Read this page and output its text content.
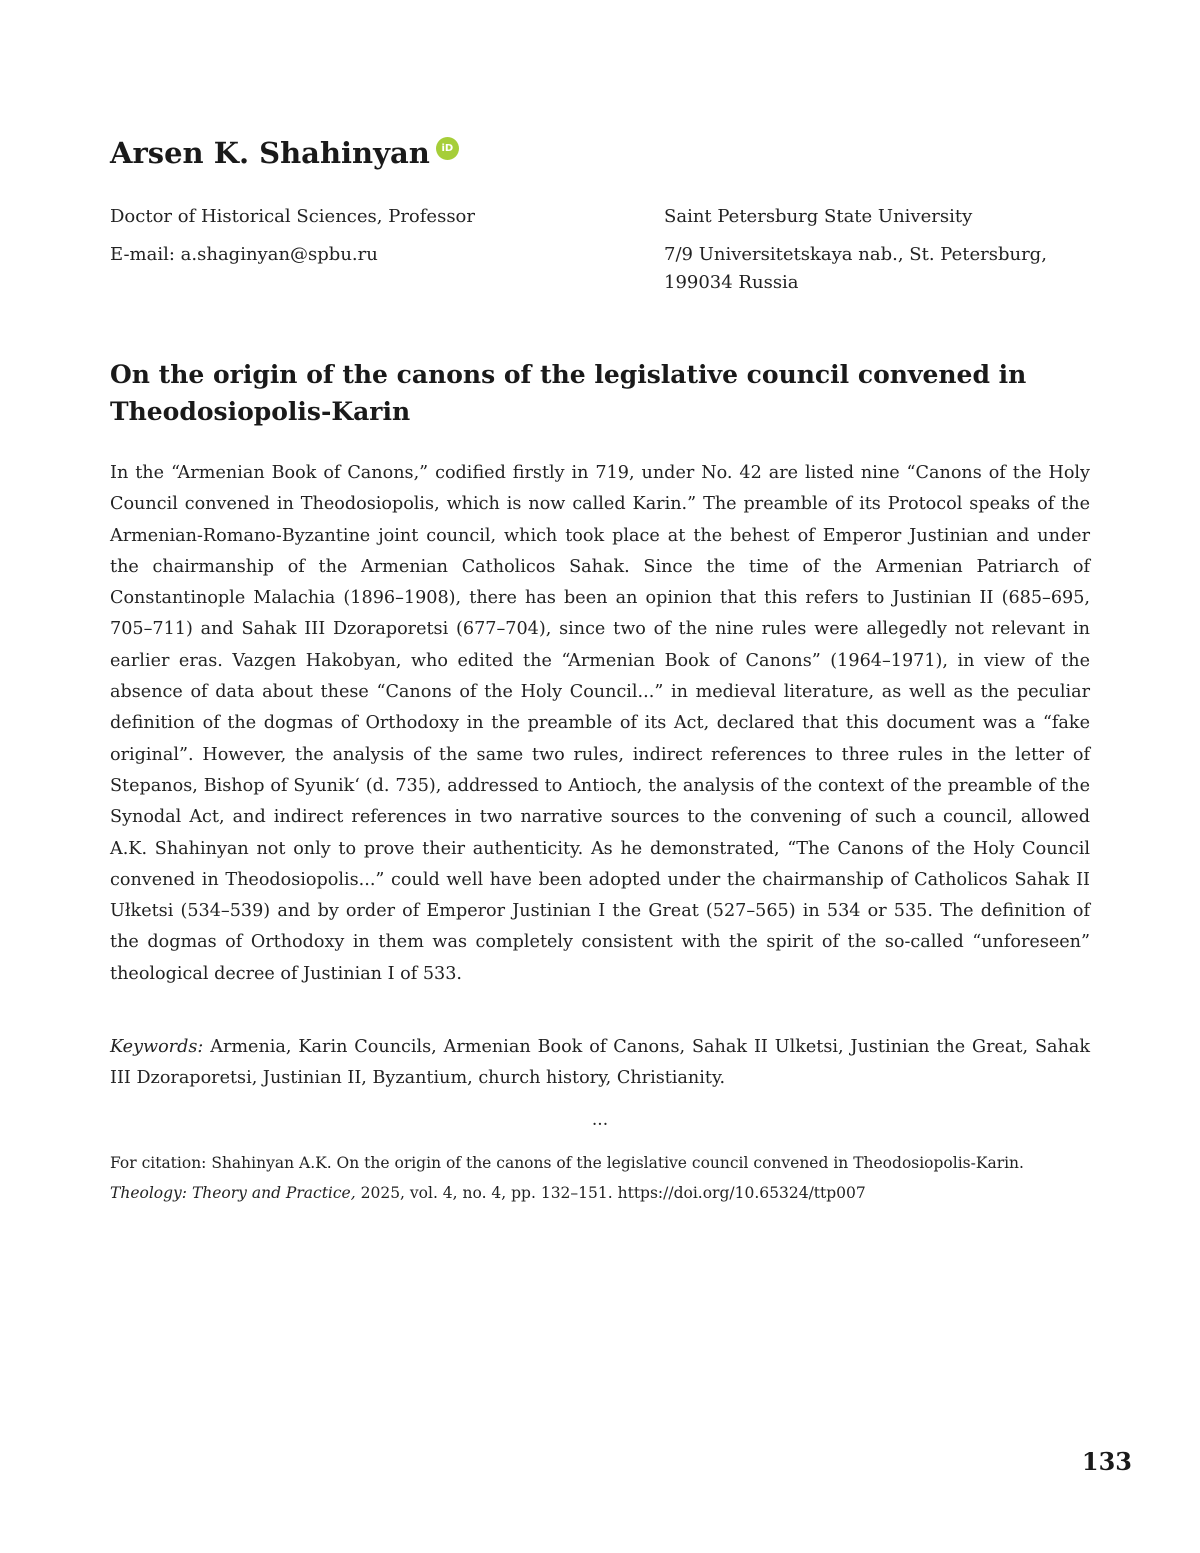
Arsen K. Shahinyan iD

Doctor of Historical Sciences, Professor

E-mail: a.shaginyan@spbu.ru

Saint Petersburg State University

7/9 Universitetskaya nab., St. Petersburg,
199034 Russia

On the origin of the canons of the legislative council convened in Theodosiopolis-Karin

In the “Armenian Book of Canons,” codified firstly in 719, under No. 42 are listed nine “Canons of the Holy Council convened in Theodosiopolis, which is now called Karin.” The preamble of its Protocol speaks of the Armenian-Romano-Byzantine joint council, which took place at the behest of Emperor Justinian and under the chairmanship of the Armenian Catholicos Sahak. Since the time of the Armenian Patriarch of Constantinople Malachia (1896–1908), there has been an opinion that this refers to Justinian II (685–695, 705–711) and Sahak III Dzoraporetsi (677–704), since two of the nine rules were allegedly not relevant in earlier eras. Vazgen Hakobyan, who edited the “Armenian Book of Canons” (1964–1971), in view of the absence of data about these “Canons of the Holy Council...” in medieval literature, as well as the peculiar definition of the dogmas of Orthodoxy in the preamble of its Act, declared that this document was a “fake original”. However, the analysis of the same two rules, indirect references to three rules in the letter of Stepanos, Bishop of Syunik‘ (d. 735), addressed to Antioch, the analysis of the context of the preamble of the Synodal Act, and indirect references in two narrative sources to the convening of such a council, allowed A.K. Shahinyan not only to prove their authenticity. As he demonstrated, “The Canons of the Holy Council convened in Theodosiopolis...” could well have been adopted under the chairmanship of Catholicos Sahak II Ułketsi (534–539) and by order of Emperor Justinian I the Great (527–565) in 534 or 535. The definition of the dogmas of Orthodoxy in them was completely consistent with the spirit of the so-called “unforeseen” theological decree of Justinian I of 533.

Keywords: Armenia, Karin Councils, Armenian Book of Canons, Sahak II Ulketsi, Justinian the Great, Sahak III Dzoraporetsi, Justinian II, Byzantium, church history, Christianity.

...

For citation: Shahinyan A.K. On the origin of the canons of the legislative council convened in Theodosiopolis-Karin. Theology: Theory and Practice, 2025, vol. 4, no. 4, pp. 132–151. https://doi.org/10.65324/ttp007

133
